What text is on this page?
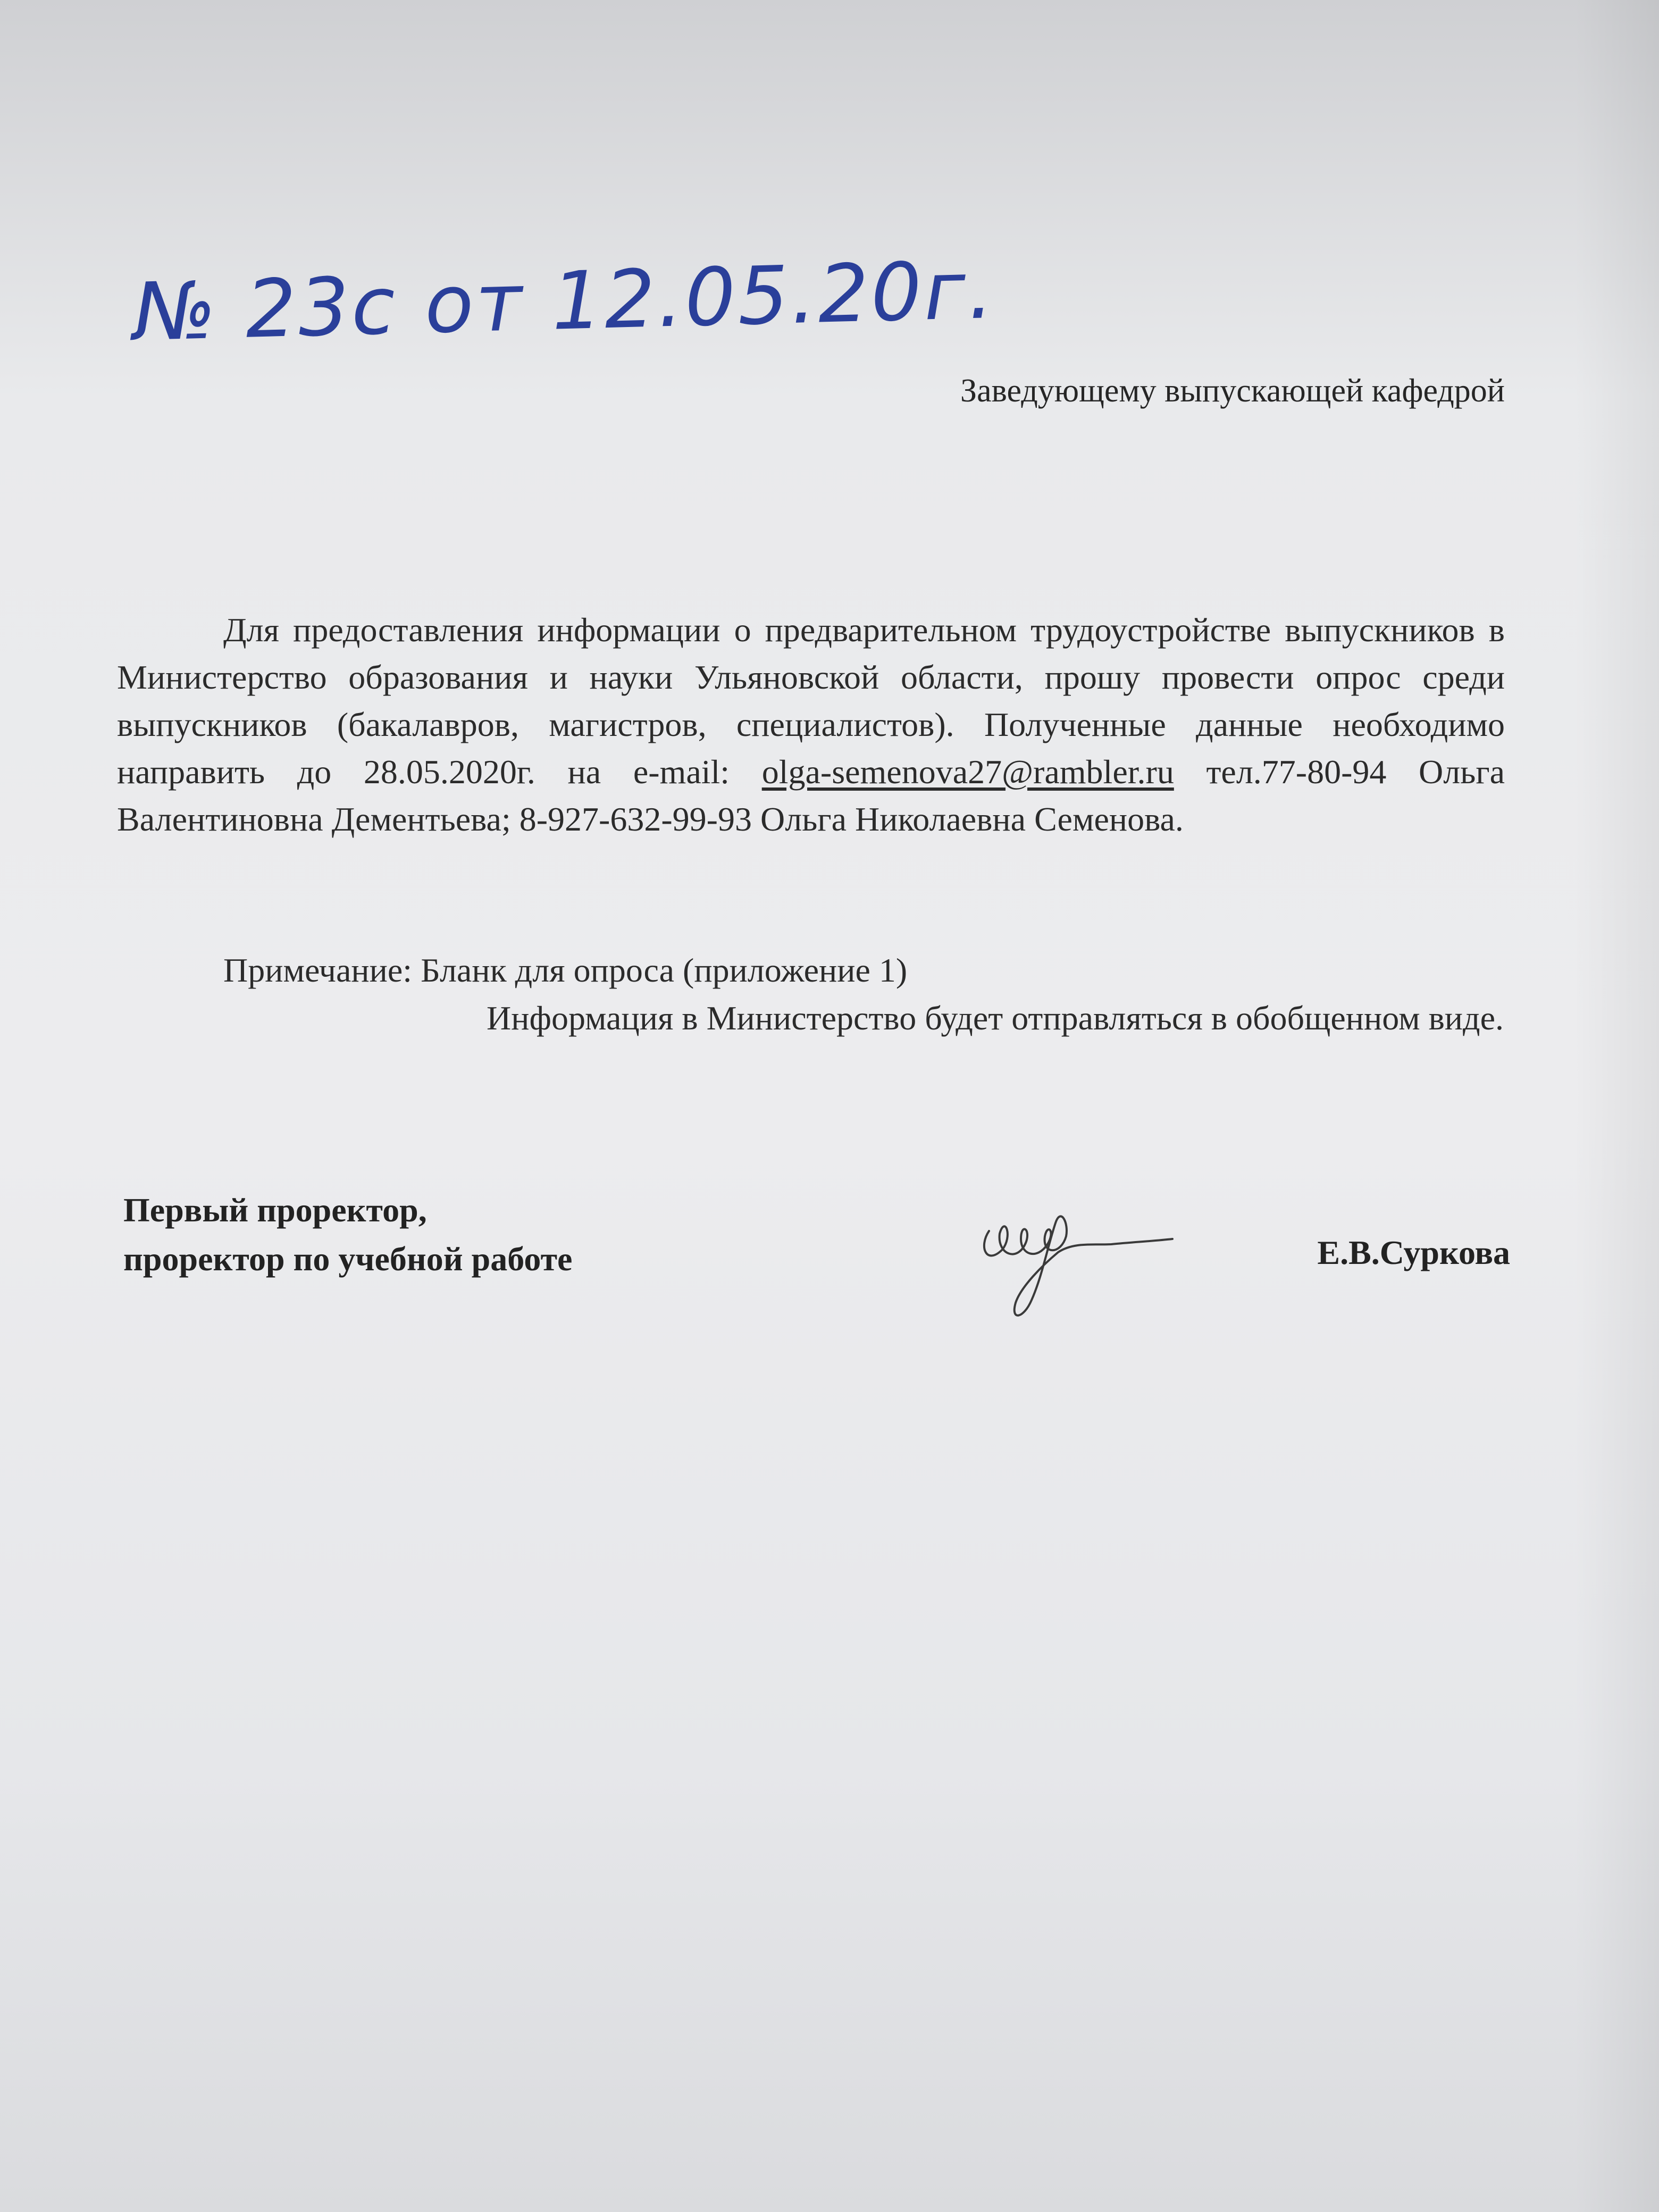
№ 23с от 12.05.20г.
Заведующему выпускающей кафедрой
Для предоставления информации о предварительном трудоустройстве выпускников в Министерство образования и науки Ульяновской области, прошу провести опрос среди выпускников (бакалавров, магистров, специалистов). Полученные данные необходимо направить до 28.05.2020г. на e-mail: olga-semenova27@rambler.ru тел.77-80-94 Ольга Валентиновна Дементьева; 8-927-632-99-93 Ольга Николаевна Семенова.
Примечание: Бланк для опроса (приложение 1)
Информация в Министерство будет отправляться в обобщенном виде.
Первый проректор,
проректор по учебной работе	Е.В.Суркова
